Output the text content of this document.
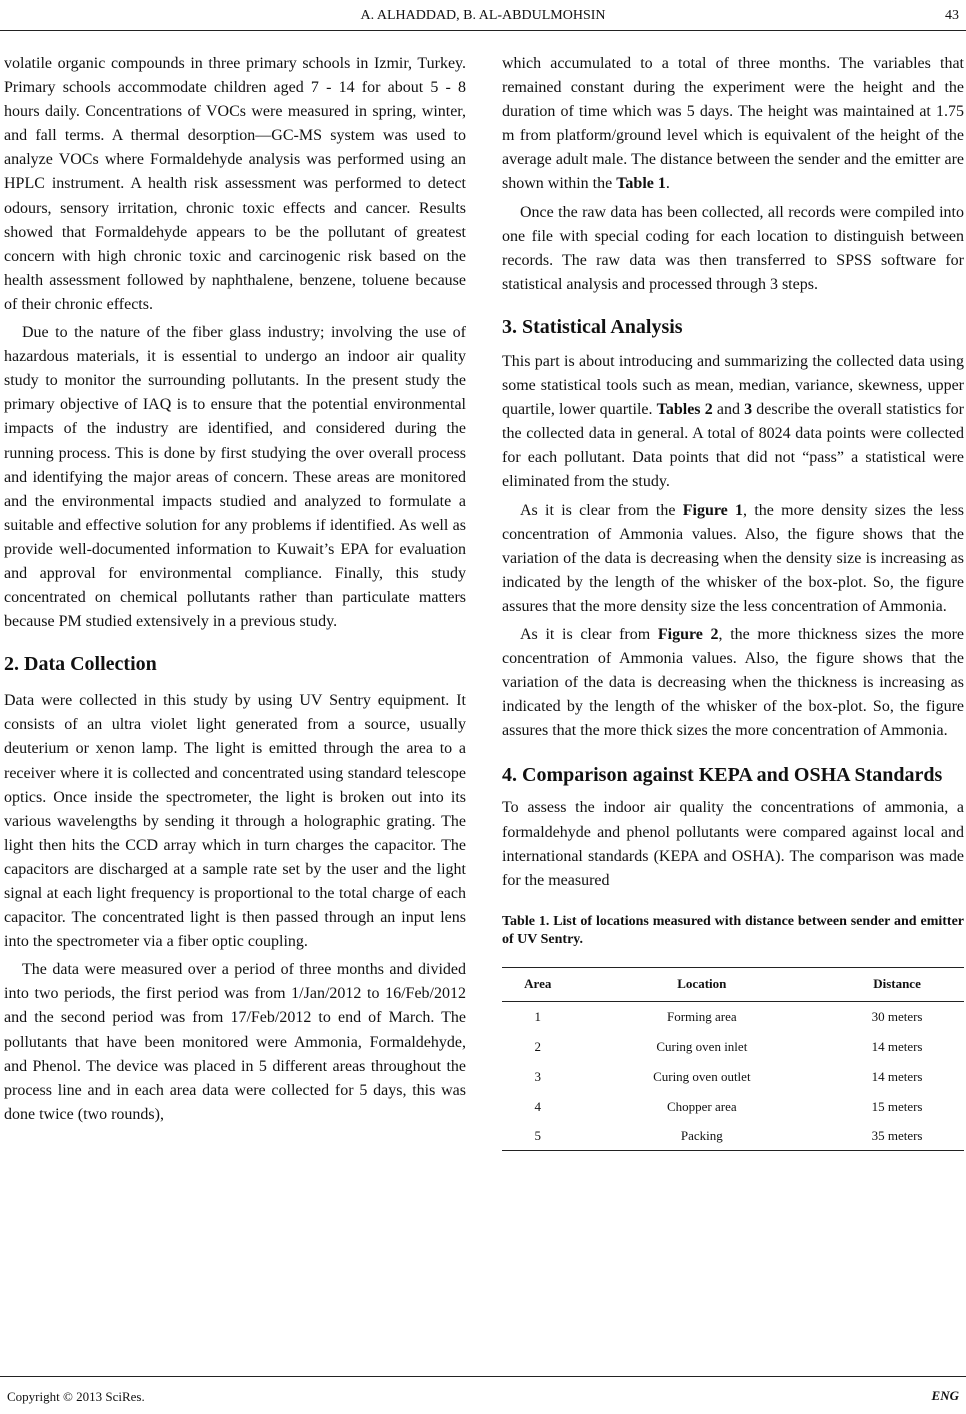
A. ALHADDAD, B. AL-ABDULMOHSIN	43

volatile organic compounds in three primary schools in Izmir, Turkey. Primary schools accommodate children aged 7 - 14 for about 5 - 8 hours daily. Concentrations of VOCs were measured in spring, winter, and fall terms. A thermal desorption—GC-MS system was used to analyze VOCs where Formaldehyde analysis was performed using an HPLC instrument. A health risk assessment was performed to detect odours, sensory irritation, chronic toxic effects and cancer. Results showed that Formaldehyde appears to be the pollutant of greatest concern with high chronic toxic and carcinogenic risk based on the health assessment followed by naphthalene, benzene, toluene because of their chronic effects.

Due to the nature of the fiber glass industry; involving the use of hazardous materials, it is essential to undergo an indoor air quality study to monitor the surrounding pollutants. In the present study the primary objective of IAQ is to ensure that the potential environmental impacts of the industry are identified, and considered during the running process. This is done by first studying the over overall process and identifying the major areas of concern. These areas are monitored and the environmental impacts studied and analyzed to formulate a suitable and effective solution for any problems if identified. As well as provide well-documented information to Kuwait’s EPA for evaluation and approval for environmental compliance. Finally, this study concentrated on chemical pollutants rather than particulate matters because PM studied extensively in a previous study.

2. Data Collection

Data were collected in this study by using UV Sentry equipment. It consists of an ultra violet light generated from a source, usually deuterium or xenon lamp. The light is emitted through the area to a receiver where it is collected and concentrated using standard telescope optics. Once inside the spectrometer, the light is broken out into its various wavelengths by sending it through a holographic grating. The light then hits the CCD array which in turn charges the capacitor. The capacitors are discharged at a sample rate set by the user and the light signal at each light frequency is proportional to the total charge of each capacitor. The concentrated light is then passed through an input lens into the spectrometer via a fiber optic coupling.

The data were measured over a period of three months and divided into two periods, the first period was from 1/Jan/2012 to 16/Feb/2012 and the second period was from 17/Feb/2012 to end of March. The pollutants that have been monitored were Ammonia, Formaldehyde, and Phenol. The device was placed in 5 different areas throughout the process line and in each area data were collected for 5 days, this was done twice (two rounds),

which accumulated to a total of three months. The variables that remained constant during the experiment were the height and the duration of time which was 5 days. The height was maintained at 1.75 m from platform/ground level which is equivalent of the height of the average adult male. The distance between the sender and the emitter are shown within the Table 1.

Once the raw data has been collected, all records were compiled into one file with special coding for each location to distinguish between records. The raw data was then transferred to SPSS software for statistical analysis and processed through 3 steps.

3. Statistical Analysis

This part is about introducing and summarizing the collected data using some statistical tools such as mean, median, variance, skewness, upper quartile, lower quartile. Tables 2 and 3 describe the overall statistics for the collected data in general. A total of 8024 data points were collected for each pollutant. Data points that did not “pass” a statistical were eliminated from the study.

As it is clear from the Figure 1, the more density sizes the less concentration of Ammonia values. Also, the figure shows that the variation of the data is decreasing when the density size is increasing as indicated by the length of the whisker of the box-plot. So, the figure assures that the more density size the less concentration of Ammonia.

As it is clear from Figure 2, the more thickness sizes the more concentration of Ammonia values. Also, the figure shows that the variation of the data is decreasing when the thickness is increasing as indicated by the length of the whisker of the box-plot. So, the figure assures that the more thick sizes the more concentration of Ammonia.

4. Comparison against KEPA and OSHA Standards

To assess the indoor air quality the concentrations of ammonia, a formaldehyde and phenol pollutants were compared against local and international standards (KEPA and OSHA). The comparison was made for the measured

Table 1. List of locations measured with distance between sender and emitter of UV Sentry.
Area	Location	Distance
1	Forming area	30 meters
2	Curing oven inlet	14 meters
3	Curing oven outlet	14 meters
4	Chopper area	15 meters
5	Packing	35 meters
Copyright © 2013 SciRes.	ENG
